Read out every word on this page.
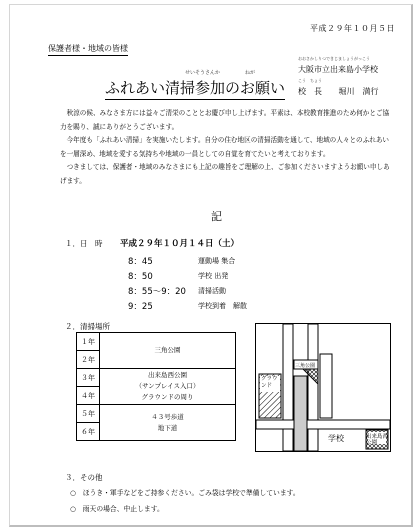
平成２９年１０月５日
保護者様・地域の皆様
おおさかしりつできじましょうがっこう
大阪市立出来島小学校
こう　ちょう
校　長 堀川　満行
せいそうさんか　　　　　ねが
ふれあい清掃参加のお願い

秋涼の候、みなさま方には益々ご清栄のこととお慶び申し上げます。平素は、本校教育推進のため何かとご協力を賜り、誠にありがとうございます。

今年度も「ふれあい清掃」を実施いたします。自分の住む地区の清掃活動を通して、地域の人々とのふれあいを一層深め、地域を愛する気持ちや地域の一員としての自覚を育てたいと考えております。

つきましては、保護者・地域のみなさまにも上記の趣旨をご理解の上、ご参加くださいますようお願い申しあげます。

記
１．日　時 平成２９年１０月１４日（土）
8：45	運動場 集合
8：50	学校 出発
8：55～9：20 清掃活動
9：25	学校到着　解散
２．清掃場所
１年	三角公園
２年	
３年	出来島西公園
（サンプレイス入口）
グラウンドの周り

４年	
５年	４３号歩道
地下道

６年	
グラウンド
三角公園
学校	出来島西公園
３．その他
○　ほうき・軍手などをご持参ください。ごみ袋は学校で準備しています。
○　雨天の場合、中止します。
